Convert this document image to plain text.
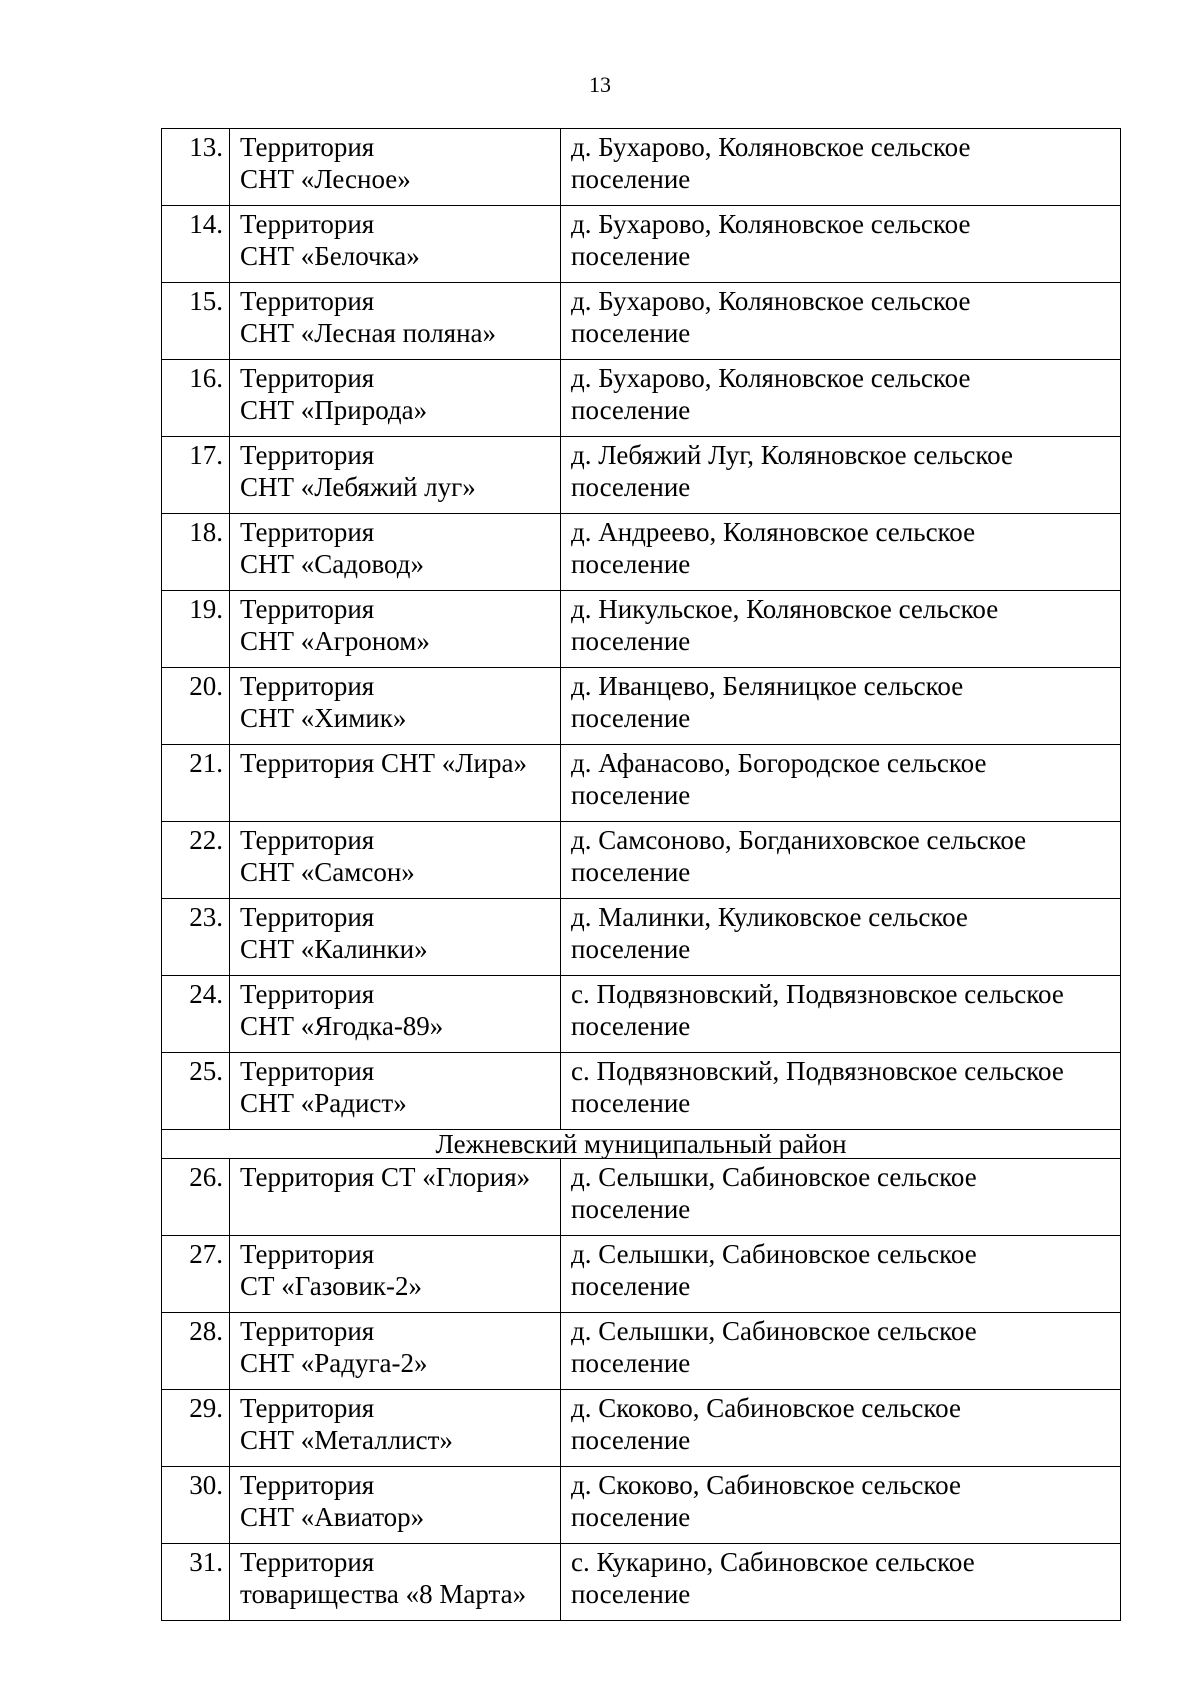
13
13.	Территория
СНТ «Лесное»	д. Бухарово, Коляновское сельское
поселение

14.	Территория
СНТ «Белочка»	д. Бухарово, Коляновское сельское
поселение

15.	Территория
СНТ «Лесная поляна»	д. Бухарово, Коляновское сельское
поселение

16.	Территория
СНТ «Природа»	д. Бухарово, Коляновское сельское
поселение

17.	Территория
СНТ «Лебяжий луг»	д. Лебяжий Луг, Коляновское сельское
поселение

18.	Территория
СНТ «Садовод»	д. Андреево, Коляновское сельское
поселение

19.	Территория
СНТ «Агроном»	д. Никульское, Коляновское сельское
поселение

20.	Территория
СНТ «Химик»	д. Иванцево, Беляницкое сельское
поселение

21.	Территория СНТ «Лира»	д. Афанасово, Богородское сельское
поселение

22.	Территория
СНТ «Самсон»	д. Самсоново, Богданиховское сельское
поселение

23.	Территория
СНТ «Калинки»	д. Малинки, Куликовское сельское
поселение

24.	Территория
СНТ «Ягодка-89»	с. Подвязновский, Подвязновское сельское
поселение

25.	Территория
СНТ «Радист»	с. Подвязновский, Подвязновское сельское
поселение

Лежневский муниципальный район		
26.	Территория СТ «Глория»	д. Селышки, Сабиновское сельское
поселение

27.	Территория
СТ «Газовик-2»	д. Селышки, Сабиновское сельское
поселение

28.	Территория
СНТ «Радуга-2»	д. Селышки, Сабиновское сельское
поселение

29.	Территория
СНТ «Металлист»	д. Скоково, Сабиновское сельское
поселение

30.	Территория
СНТ «Авиатор»	д. Скоково, Сабиновское сельское
поселение

31.	Территория
товарищества «8 Марта»	с. Кукарино, Сабиновское сельское
поселение
